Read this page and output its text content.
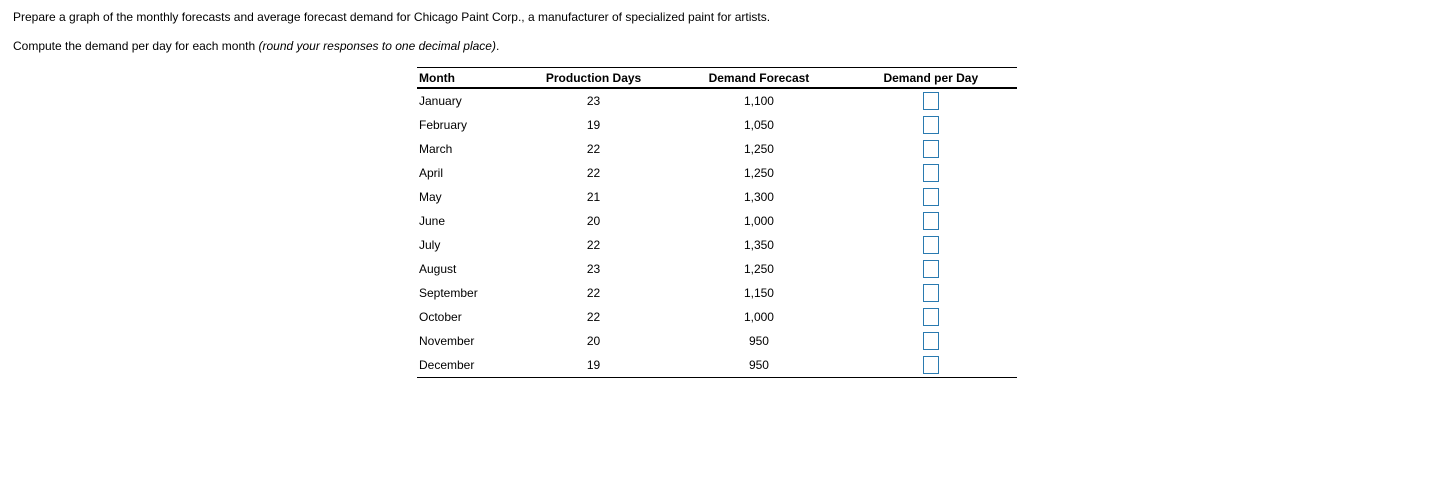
Prepare a graph of the monthly forecasts and average forecast demand for Chicago Paint Corp., a manufacturer of specialized paint for artists.
Compute the demand per day for each month (round your responses to one decimal place).
Month	Production Days	Demand Forecast	Demand per Day
January	23	1,100	
February	19	1,050	
March	22	1,250	
April	22	1,250	
May	21	1,300	
June	20	1,000	
July	22	1,350	
August	23	1,250	
September	22	1,150	
October	22	1,000	
November	20	950	
December	19	950	
